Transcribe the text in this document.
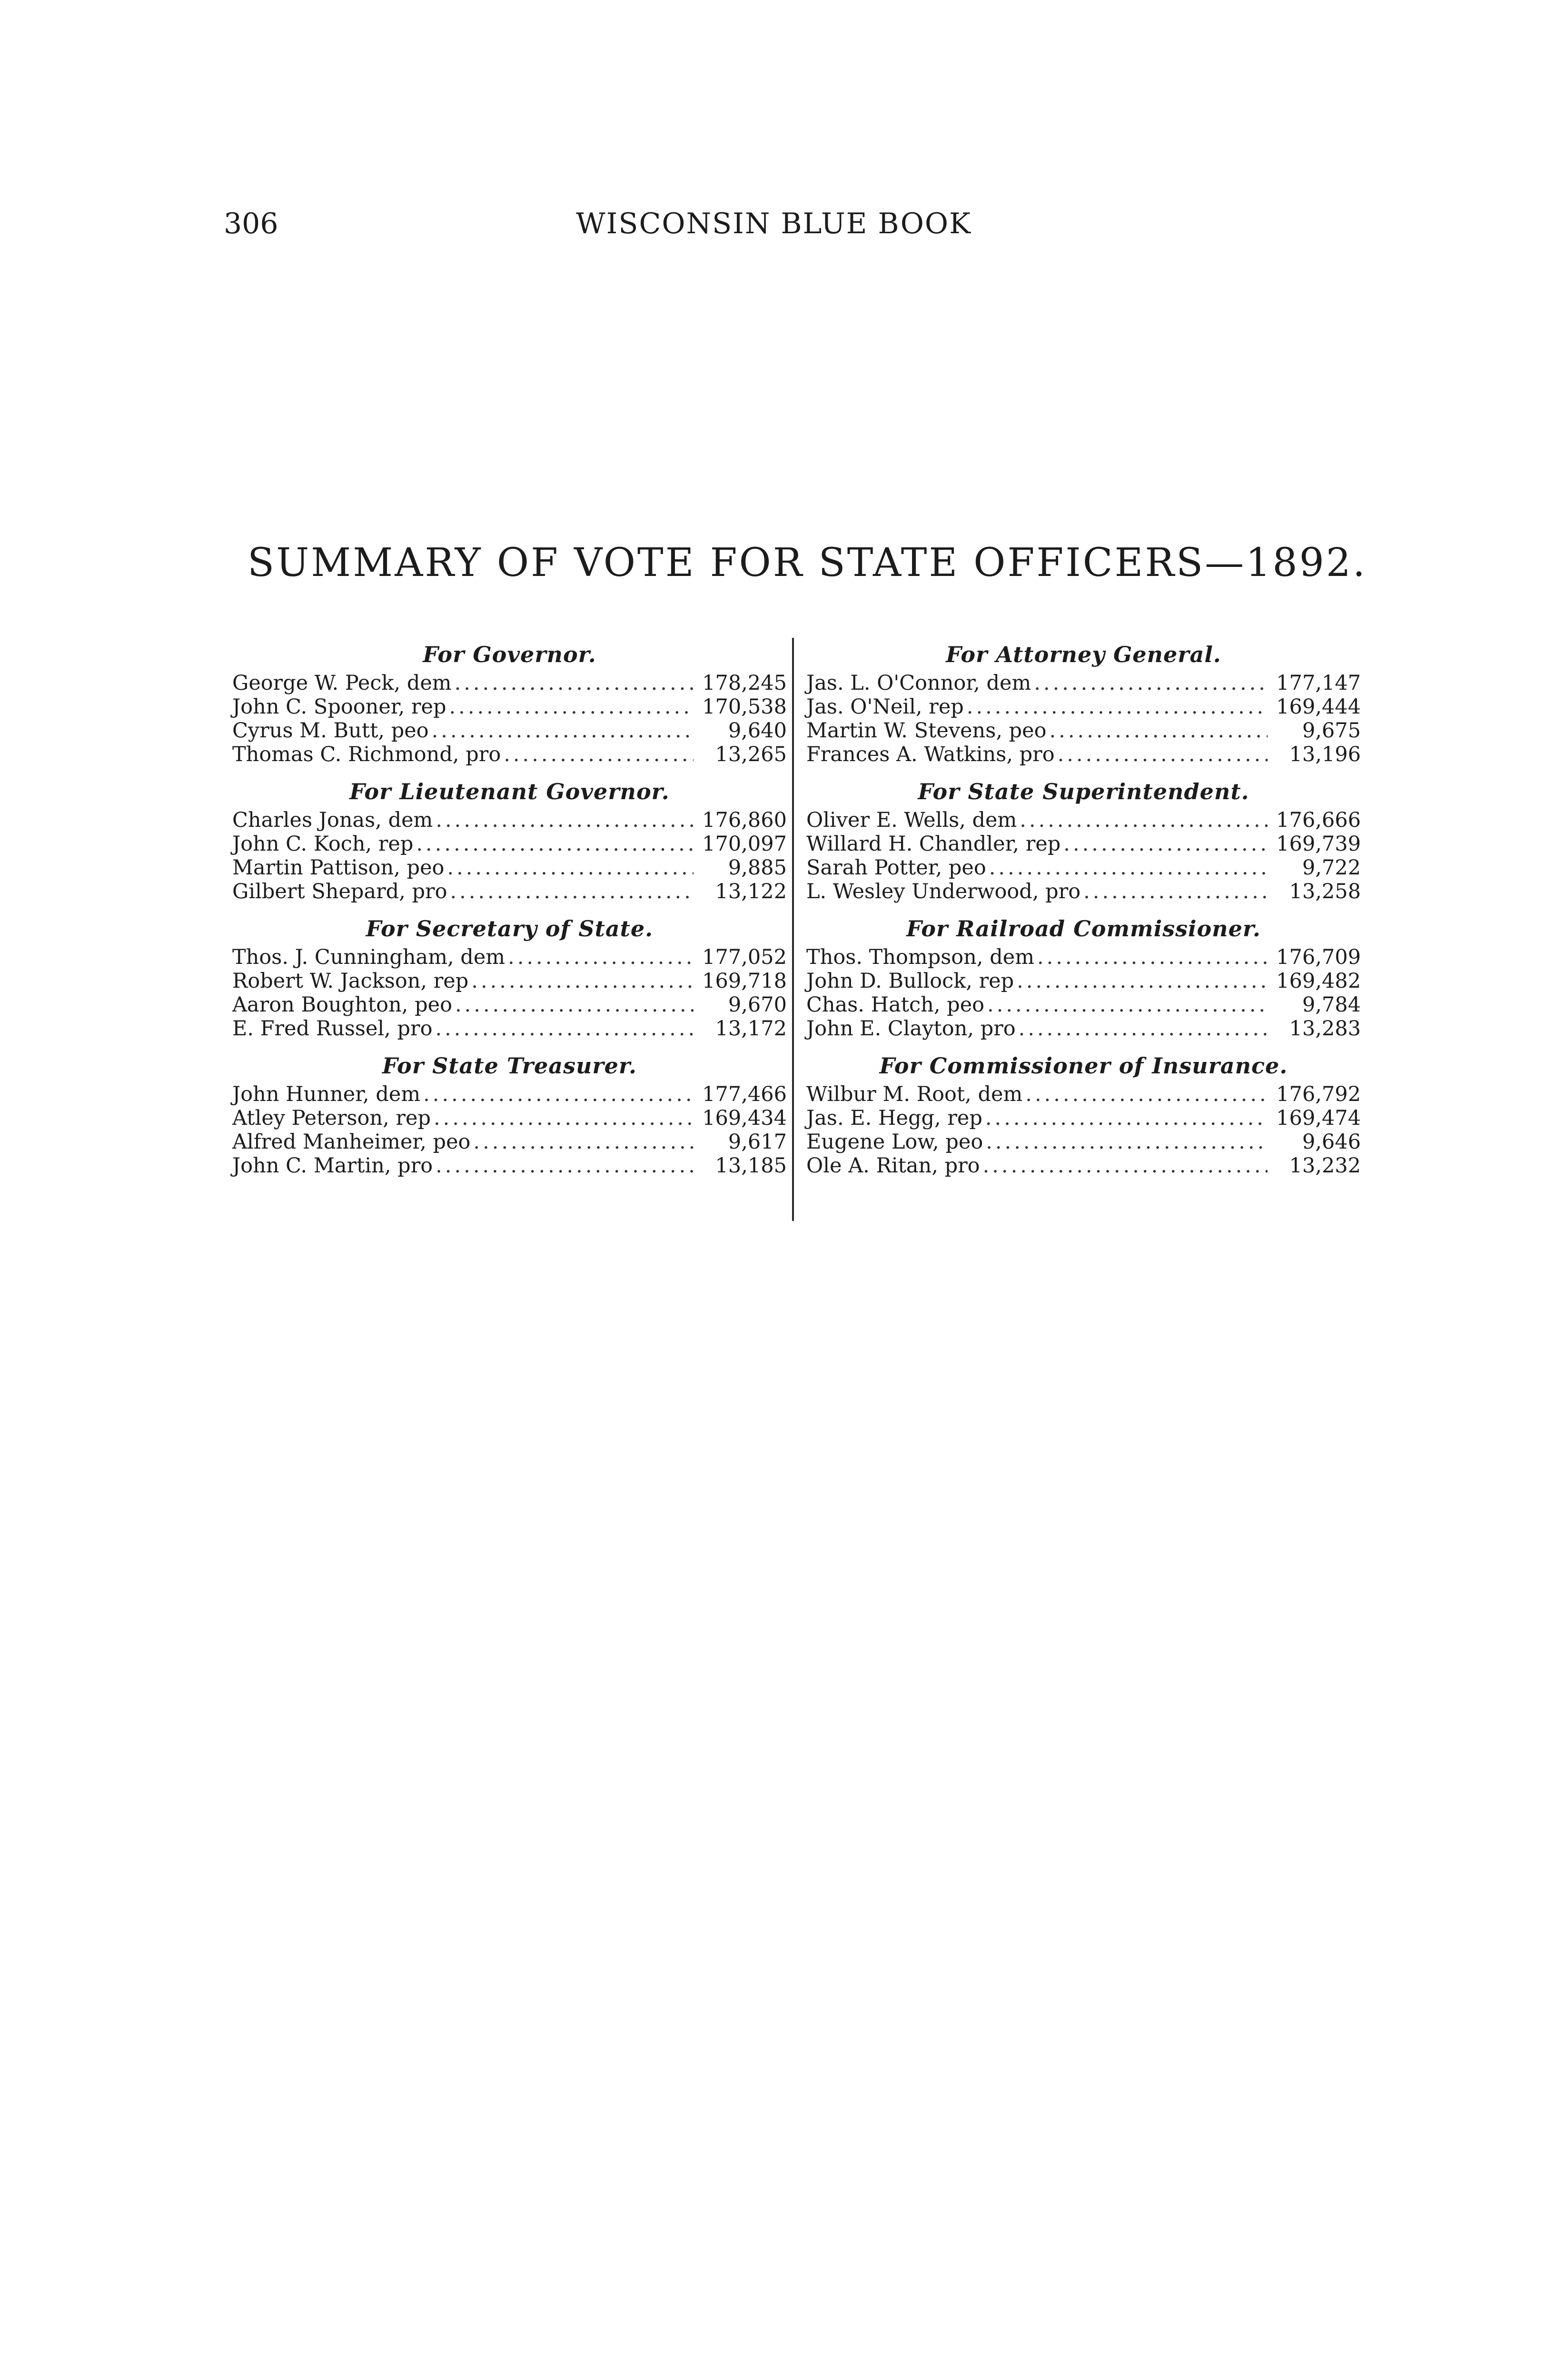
306	WISCONSIN BLUE BOOK
SUMMARY OF VOTE FOR STATE OFFICERS—1892.
For Governor.
George W. Peck, dem .....	178,245
John C. Spooner, rep .....	170,538
Cyrus M. Butt, peo .....	9,640
Thomas C. Richmond, pro .....	13,265
For Lieutenant Governor.
Charles Jonas, dem .....	176,860
John C. Koch, rep .....	170,097
Martin Pattison, peo .....	9,885
Gilbert Shepard, pro .....	13,122
For Secretary of State.
Thos. J. Cunningham, dem .....	177,052
Robert W. Jackson, rep .....	169,718
Aaron Boughton, peo .....	9,670
E. Fred Russel, pro .....	13,172
For State Treasurer.
John Hunner, dem .....	177,466
Atley Peterson, rep .....	169,434
Alfred Manheimer, peo .....	9,617
John C. Martin, pro .....	13,185
For Attorney General.
Jas. L. O'Connor, dem .....	177,147
Jas. O'Neil, rep .....	169,444
Martin W. Stevens, peo .....	9,675
Frances A. Watkins, pro .....	13,196
For State Superintendent.
Oliver E. Wells, dem .....	176,666
Willard H. Chandler, rep .....	169,739
Sarah Potter, peo .....	9,722
L. Wesley Underwood, pro .....	13,258
For Railroad Commissioner.
Thos. Thompson, dem .....	176,709
John D. Bullock, rep .....	169,482
Chas. Hatch, peo .....	9,784
John E. Clayton, pro .....	13,283
For Commissioner of Insurance.
Wilbur M. Root, dem .....	176,792
Jas. E. Hegg, rep .....	169,474
Eugene Low, peo .....	9,646
Ole A. Ritan, pro .....	13,232
